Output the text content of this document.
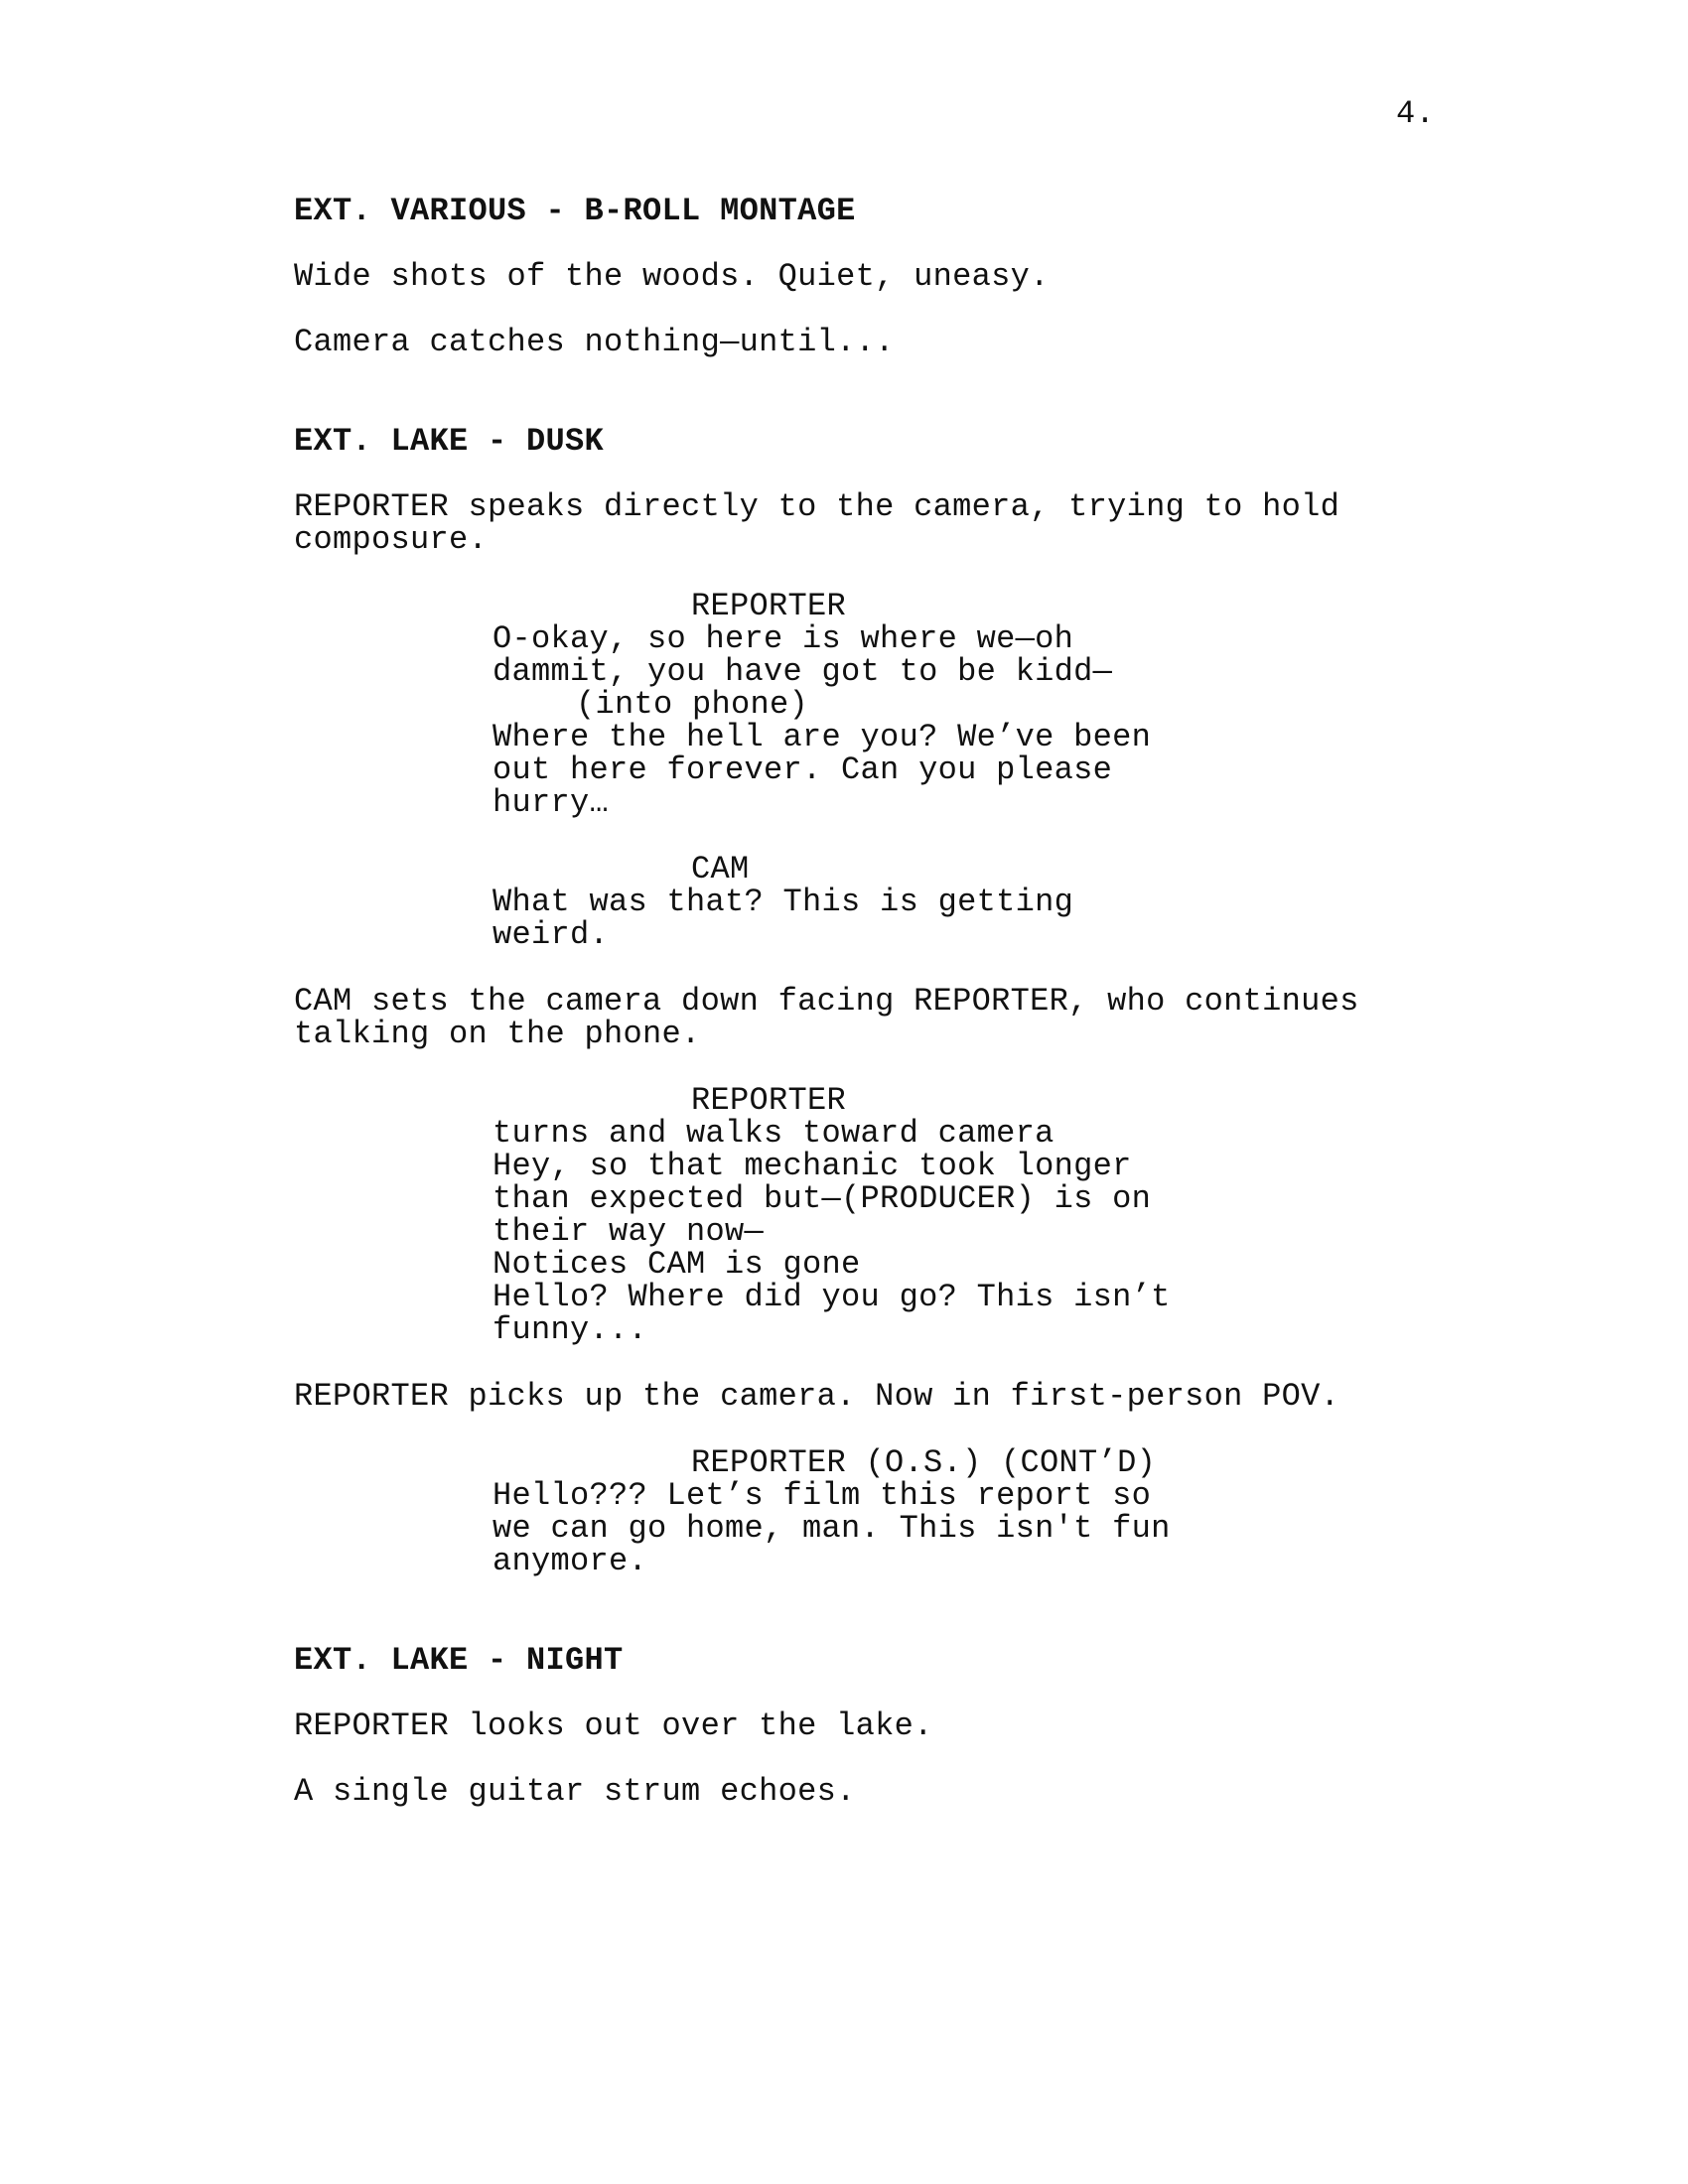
4.
EXT. VARIOUS - B-ROLL MONTAGE
Wide shots of the woods. Quiet, uneasy.
Camera catches nothing—until...
EXT. LAKE - DUSK
REPORTER speaks directly to the camera, trying to hold
composure.
REPORTER
O-okay, so here is where we—oh
dammit, you have got to be kidd—
(into phone)
Where the hell are you? We’ve been
out here forever. Can you please
hurry…
CAM
What was that? This is getting
weird.
CAM sets the camera down facing REPORTER, who continues
talking on the phone.
REPORTER
turns and walks toward camera
Hey, so that mechanic took longer
than expected but—(PRODUCER) is on
their way now—
Notices CAM is gone
Hello? Where did you go? This isn’t
funny...
REPORTER picks up the camera. Now in first-person POV.
REPORTER (O.S.) (CONT’D)
Hello??? Let’s film this report so
we can go home, man. This isn't fun
anymore.
EXT. LAKE - NIGHT
REPORTER looks out over the lake.
A single guitar strum echoes.
